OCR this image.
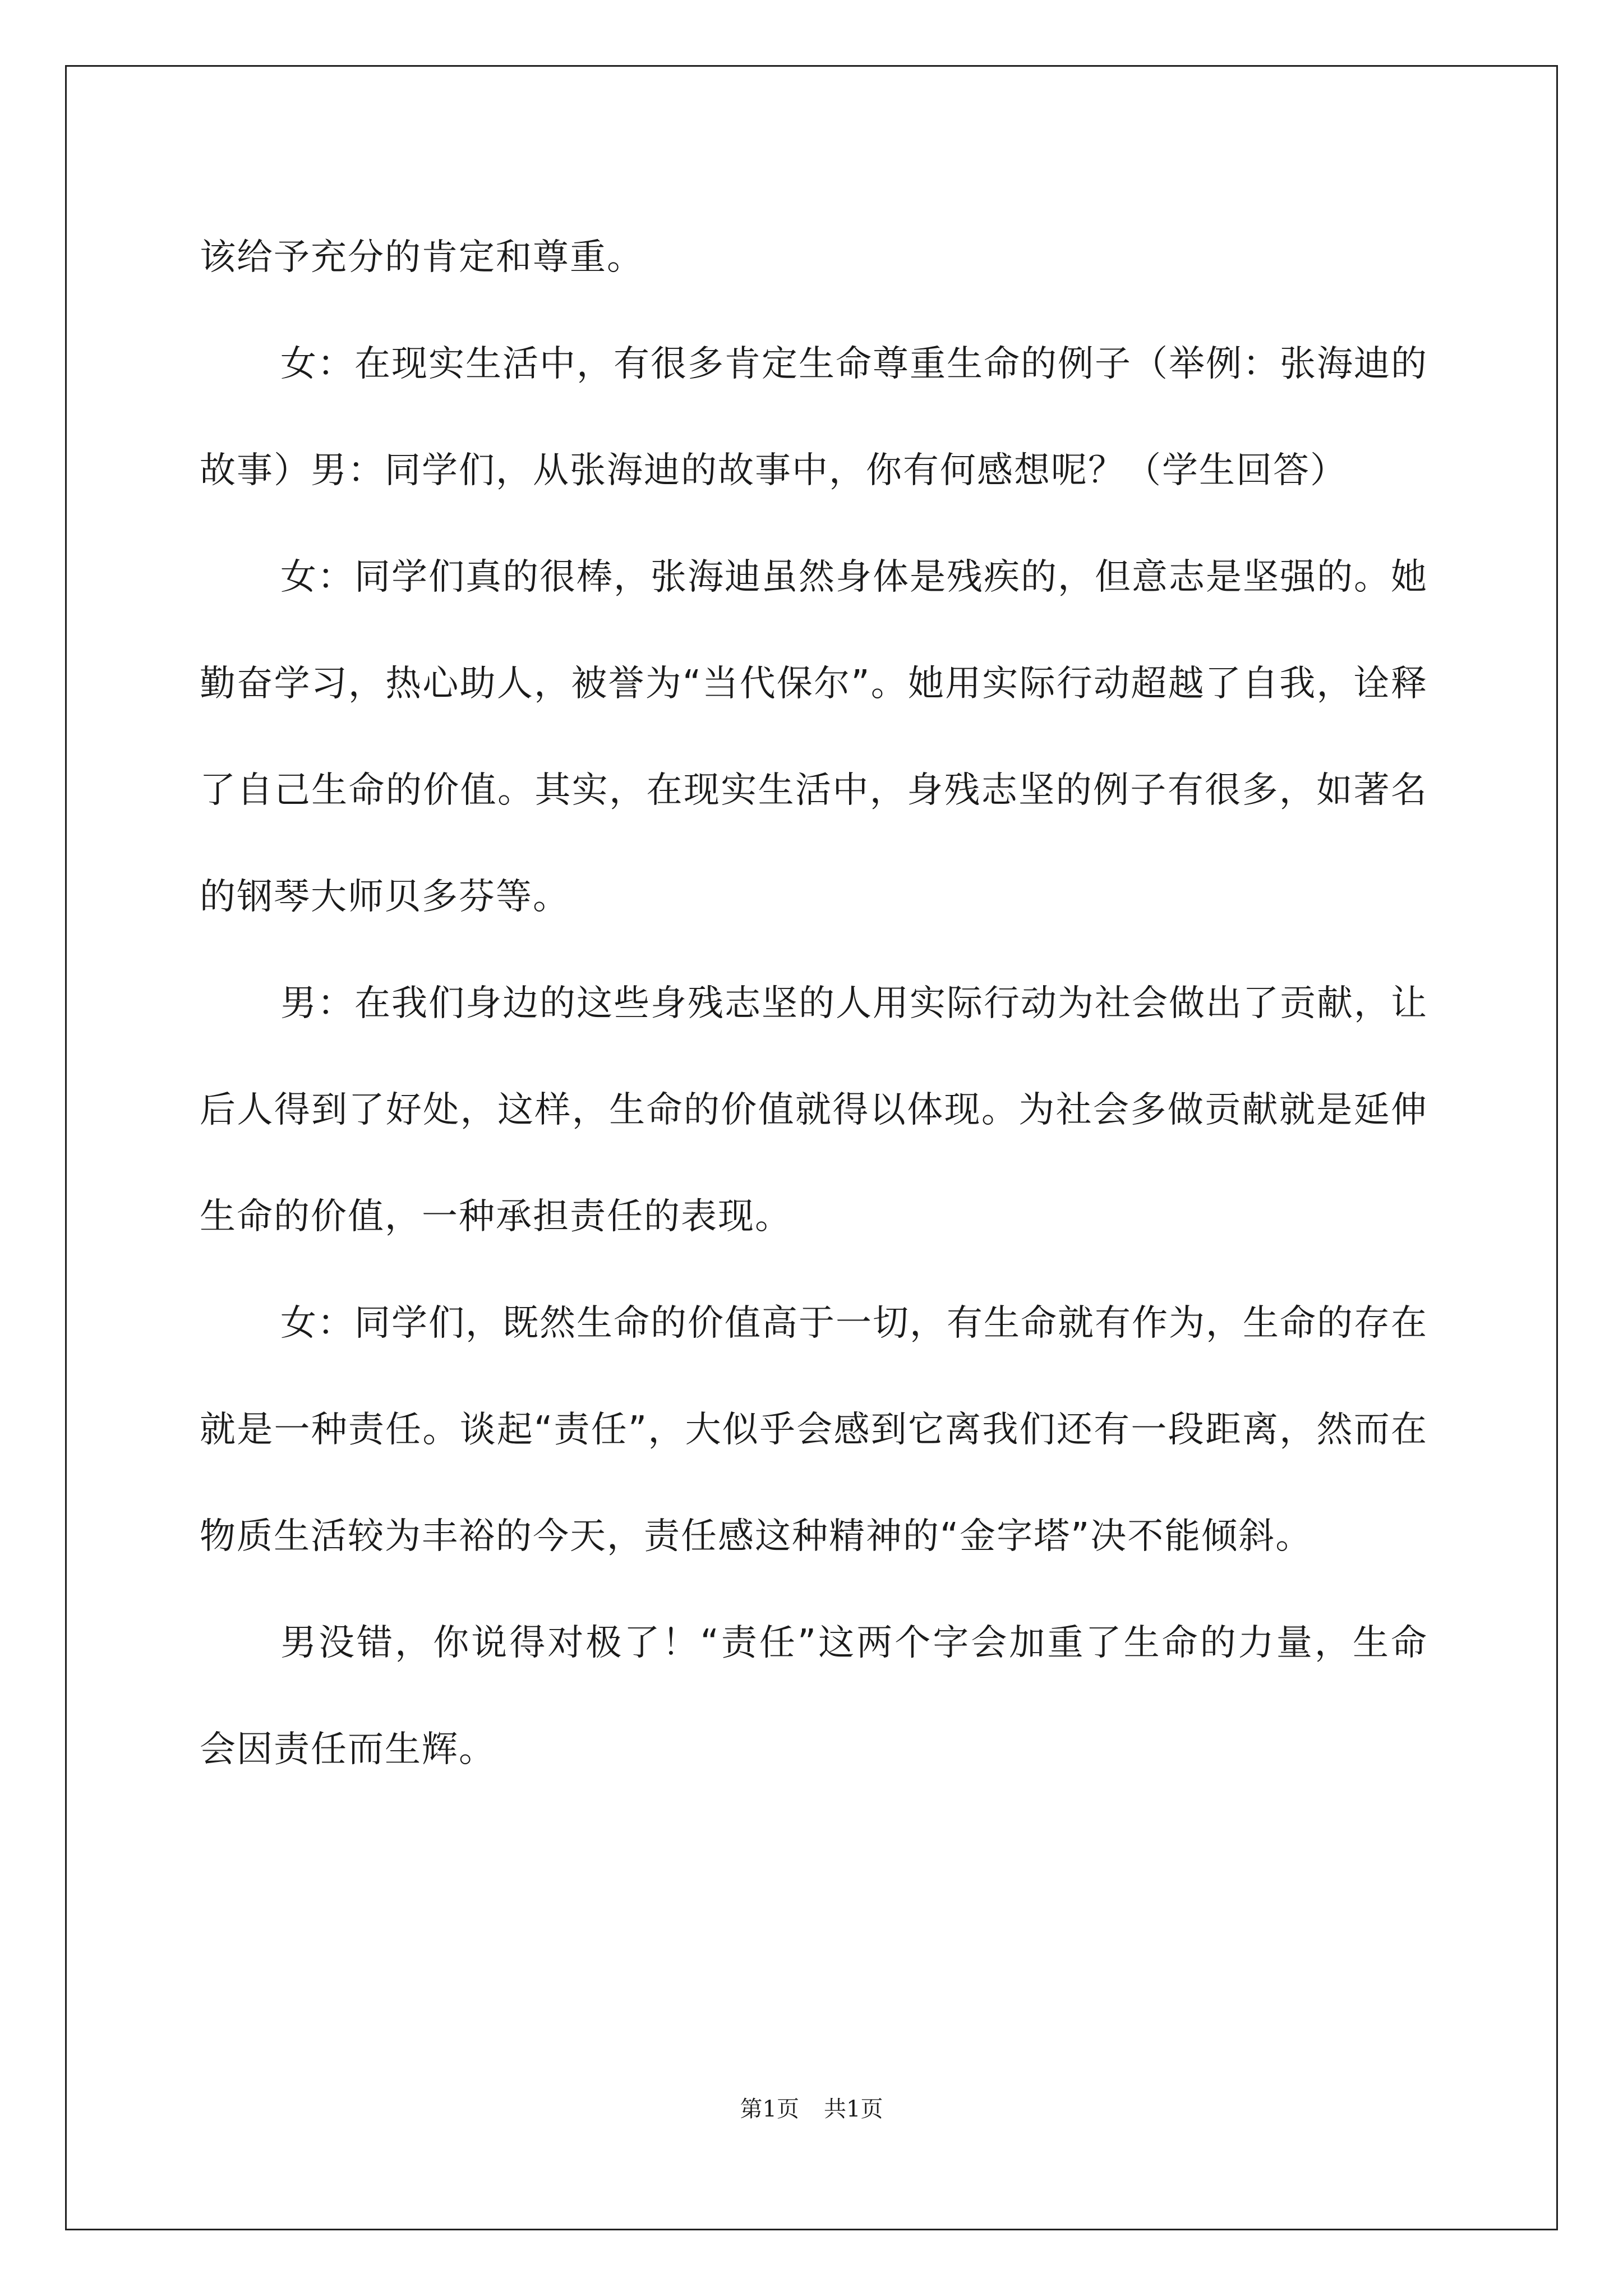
该给予充分的肯定和尊重。

女：在现实生活中，有很多肯定生命尊重生命的例子（举例：张海迪的故事）男：同学们，从张海迪的故事中，你有何感想呢？（学生回答）

女：同学们真的很棒，张海迪虽然身体是残疾的，但意志是坚强的。她勤奋学习，热心助人，被誉为“当代保尔”。她用实际行动超越了自我，诠释了自己生命的价值。其实，在现实生活中，身残志坚的例子有很多，如著名的钢琴大师贝多芬等。

男：在我们身边的这些身残志坚的人用实际行动为社会做出了贡献，让后人得到了好处，这样，生命的价值就得以体现。为社会多做贡献就是延伸生命的价值，一种承担责任的表现。

女：同学们，既然生命的价值高于一切，有生命就有作为，生命的存在就是一种责任。谈起“责任”，大似乎会感到它离我们还有一段距离，然而在物质生活较为丰裕的今天，责任感这种精神的“金字塔”决不能倾斜。

男没错，你说得对极了！“责任”这两个字会加重了生命的力量，生命会因责任而生辉。

第1页 共1页
